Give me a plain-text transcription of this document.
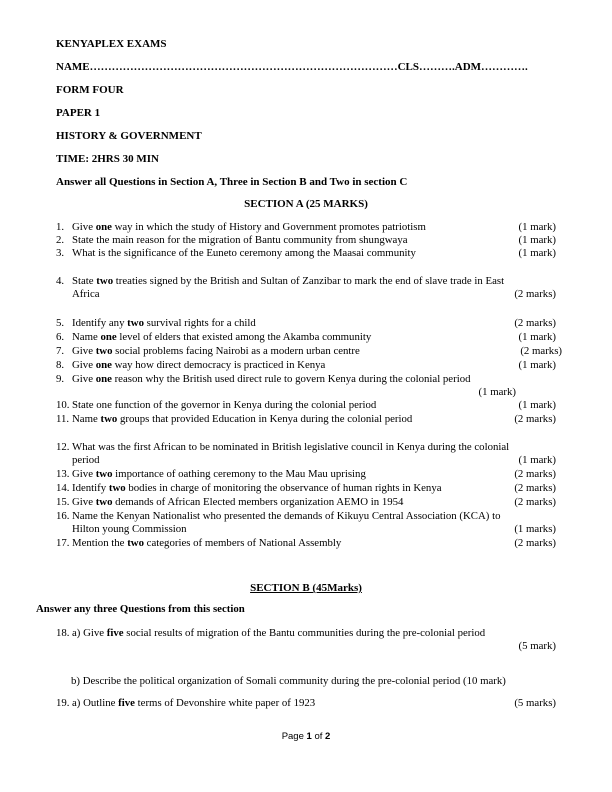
KENYAPLEX EXAMS
NAME…………………………………………………………………………CLS……….ADM………….
FORM FOUR
PAPER 1
HISTORY & GOVERNMENT
TIME: 2HRS 30 MIN
Answer all Questions in Section A, Three in Section B and Two in section C
SECTION A (25 MARKS)
1. Give one way in which the study of History and Government promotes patriotism	(1 mark)
2. State the main reason for the migration of Bantu community from shungwaya	(1 mark)
3. What is the significance of the Euneto ceremony among the Maasai community	(1 mark)
4. State two treaties signed by the British and Sultan of Zanzibar to mark the end of slave trade in East
Africa	(2 marks)
5. Identify any two survival rights for a child	(2 marks)
6. Name one level of elders that existed among the Akamba community	(1 mark)
7. Give two social problems facing Nairobi as a modern urban centre	(2 marks)
8. Give one way how direct democracy is practiced in Kenya	(1 mark)
9. Give one reason why the British used direct rule to govern Kenya during the colonial period
(1 mark)
10. State one function of the governor in Kenya during the colonial period	(1 mark)
11. Name two groups that provided Education in Kenya during the colonial period	(2 marks)
12. What was the first African to be nominated in British legislative council in Kenya during the colonial
period	(1 mark)
13. Give two importance of oathing ceremony to the Mau Mau uprising	(2 marks)
14. Identify two bodies in charge of monitoring the observance of human rights in Kenya	(2 marks)
15. Give two demands of African Elected members organization AEMO in 1954	(2 marks)
16. Name the Kenyan Nationalist who presented the demands of Kikuyu Central Association (KCA) to
Hilton young Commission	(1 marks)
17. Mention the two categories of members of National Assembly	(2 marks)
SECTION B (45Marks)
Answer any three Questions from this section
18. a) Give five social results of migration of the Bantu communities during the pre-colonial period
(5 mark)
b) Describe the political organization of Somali community during the pre-colonial period (10 mark)
19. a) Outline five terms of Devonshire white paper of 1923	(5 marks)
Page 1 of 2
